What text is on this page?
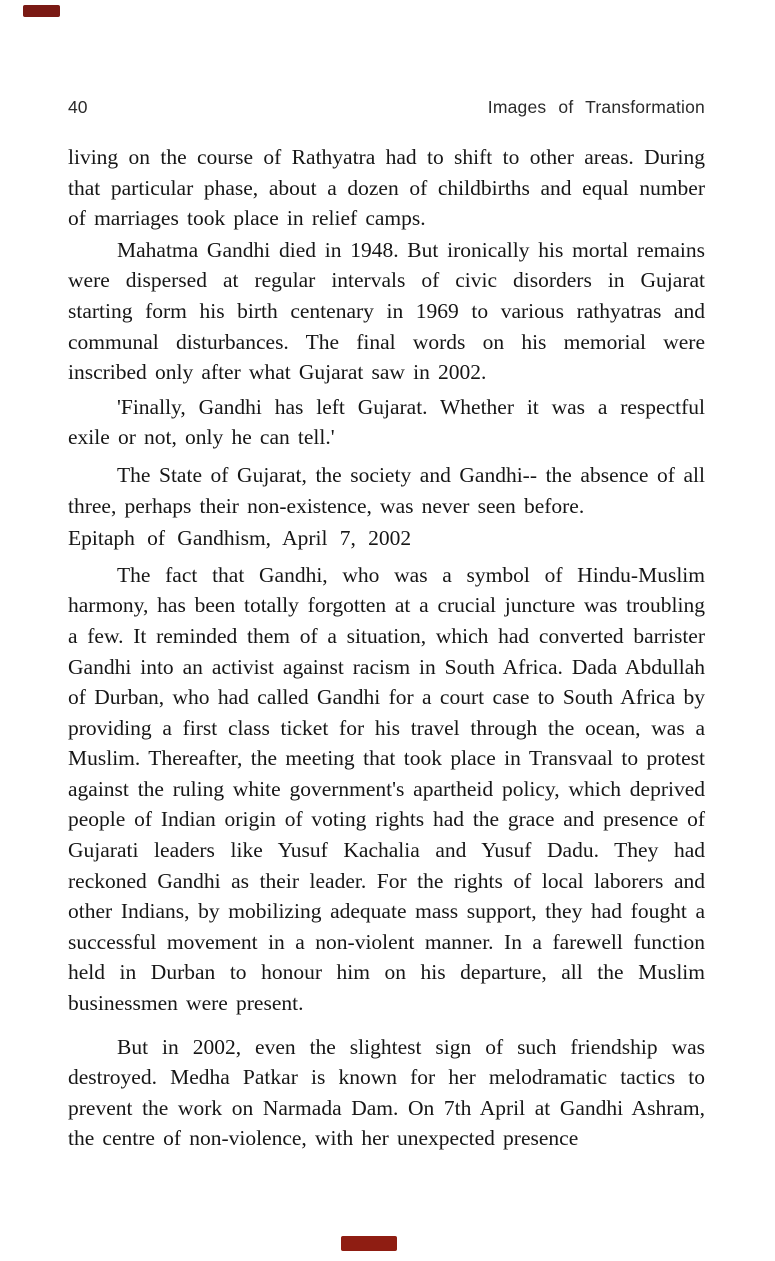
40	Images of Transformation

living on the course of Rathyatra had to shift to other areas. During that particular phase, about a dozen of childbirths and equal number of marriages took place in relief camps.

Mahatma Gandhi died in 1948. But ironically his mortal remains were dispersed at regular intervals of civic disorders in Gujarat starting form his birth centenary in 1969 to various rathyatras and communal disturbances. The final words on his memorial were inscribed only after what Gujarat saw in 2002.

'Finally, Gandhi has left Gujarat. Whether it was a respectful exile or not, only he can tell.'

The State of Gujarat, the society and Gandhi-- the absence of all three, perhaps their non-existence, was never seen before.

Epitaph of Gandhism, April 7, 2002

The fact that Gandhi, who was a symbol of Hindu-Muslim harmony, has been totally forgotten at a crucial juncture was troubling a few. It reminded them of a situation, which had converted barrister Gandhi into an activist against racism in South Africa. Dada Abdullah of Durban, who had called Gandhi for a court case to South Africa by providing a first class ticket for his travel through the ocean, was a Muslim. Thereafter, the meeting that took place in Transvaal to protest against the ruling white government's apartheid policy, which deprived people of Indian origin of voting rights had the grace and presence of Gujarati leaders like Yusuf Kachalia and Yusuf Dadu. They had reckoned Gandhi as their leader. For the rights of local laborers and other Indians, by mobilizing adequate mass support, they had fought a successful movement in a non-violent manner. In a farewell function held in Durban to honour him on his departure, all the Muslim businessmen were present.

But in 2002, even the slightest sign of such friendship was destroyed. Medha Patkar is known for her melodramatic tactics to prevent the work on Narmada Dam. On 7th April at Gandhi Ashram, the centre of non-violence, with her unexpected presence
